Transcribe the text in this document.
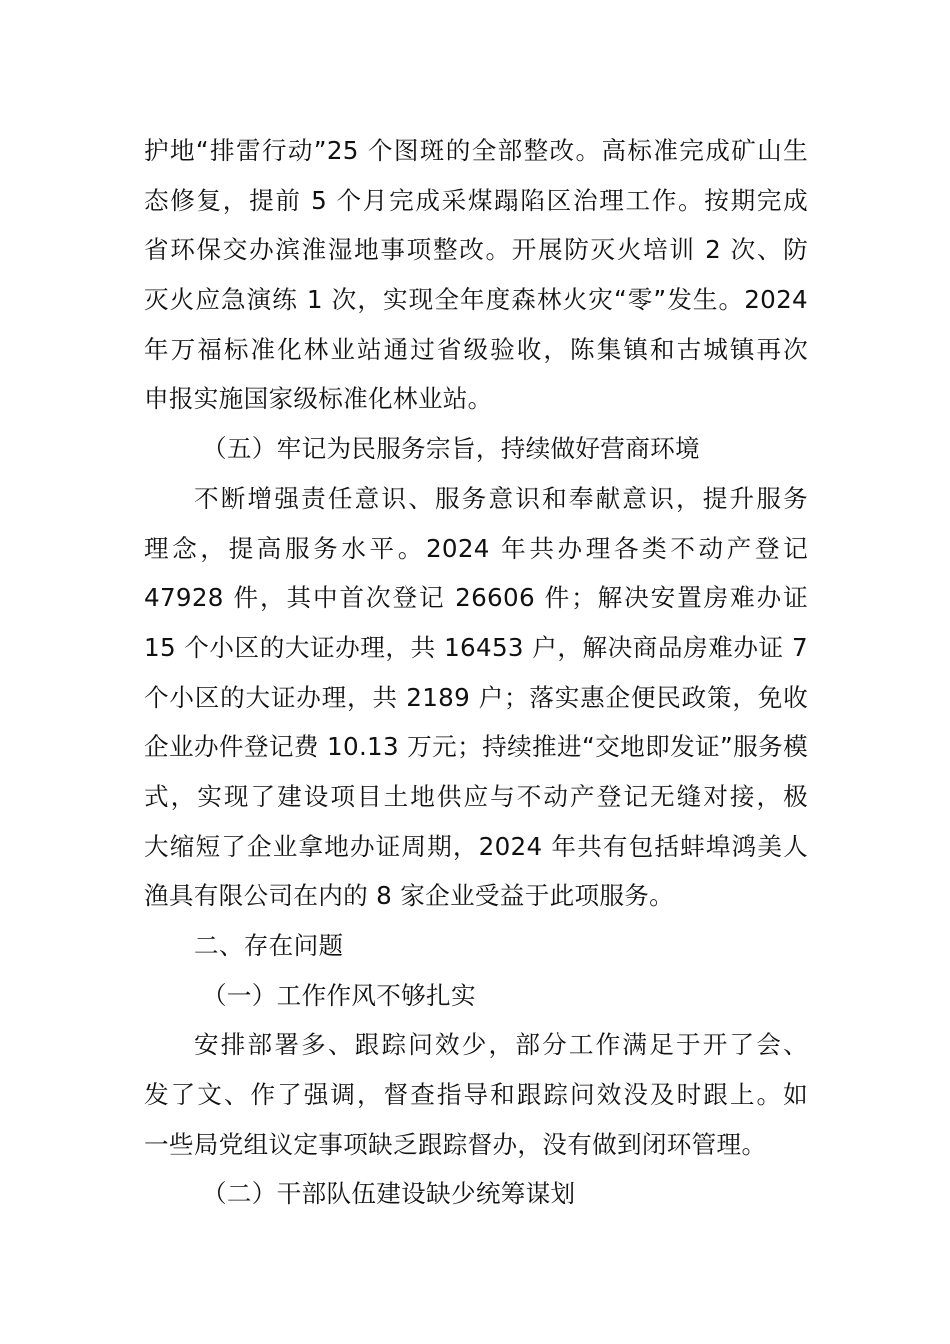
护地“排雷行动”25 个图斑的全部整改。高标准完成矿山生
态修复，提前 5 个月完成采煤蹋陷区治理工作。按期完成
省环保交办滨淮湿地事项整改。开展防灭火培训 2 次、防
灭火应急演练 1 次，实现全年度森林火灾“零”发生。2024
年万福标准化林业站通过省级验收，陈集镇和古城镇再次
申报实施国家级标准化林业站。
（五）牢记为民服务宗旨，持续做好营商环境
不断增强责任意识、服务意识和奉献意识，提升服务
理念，提高服务水平。2024 年共办理各类不动产登记
47928 件，其中首次登记 26606 件；解决安置房难办证
15 个小区的大证办理，共 16453 户，解决商品房难办证 7
个小区的大证办理，共 2189 户；落实惠企便民政策，免收
企业办件登记费 10.13 万元；持续推进“交地即发证”服务模
式，实现了建设项目土地供应与不动产登记无缝对接，极
大缩短了企业拿地办证周期，2024 年共有包括蚌埠鸿美人
渔具有限公司在内的 8 家企业受益于此项服务。
二、存在问题
（一）工作作风不够扎实
安排部署多、跟踪问效少，部分工作满足于开了会、
发了文、作了强调，督查指导和跟踪问效没及时跟上。如
一些局党组议定事项缺乏跟踪督办，没有做到闭环管理。
（二）干部队伍建设缺少统筹谋划
